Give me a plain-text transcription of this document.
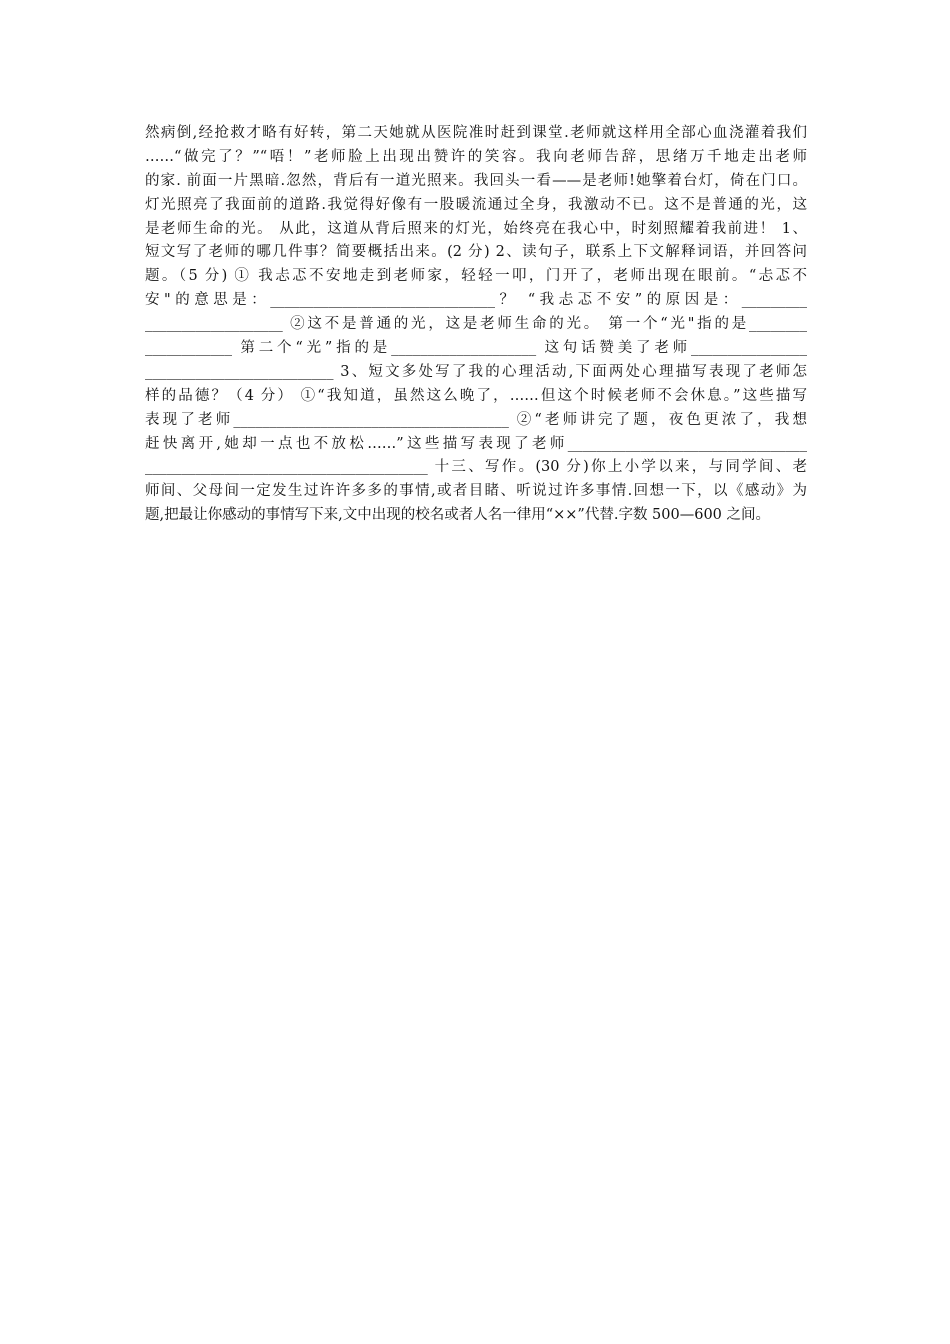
然病倒,经抢救才略有好转，第二天她就从医院准时赶到课堂.老师就这样用全部心血浇灌着我们
……“做完了？”“唔！”老师脸上出现出赞许的笑容。我向老师告辞，思绪万千地走出老师
的家. 前面一片黑暗.忽然，背后有一道光照来。我回头一看——是老师!她擎着台灯，倚在门口。
灯光照亮了我面前的道路.我觉得好像有一股暖流通过全身，我激动不已。这不是普通的光，这
是老师生命的光。 从此，这道从背后照来的灯光，始终亮在我心中，时刻照耀着我前进！ 1、
短文写了老师的哪几件事？简要概括出来。(2 分) 2、读句子，联系上下文解释词语，并回答问
题。（5 分) ① 我忐忑不安地走到老师家，轻轻一叩，门开了，老师出现在眼前。“忐忑不
安"的意思是：_______________________________？ “我忐忑不安”的原因是：_________
___________________ ②这不是普通的光，这是老师生命的光。 第一个“光"指的是________
____________ 第二个“光”指的是____________________ 这句话赞美了老师________________
__________________________ 3、短文多处写了我的心理活动,下面两处心理描写表现了老师怎
样的品德？（4 分） ①“我知道，虽然这么晚了，……但这个时候老师不会休息。”这些描写
表现了老师______________________________________ ②“老师讲完了题，夜色更浓了，我想
赶快离开,她却一点也不放松……”这些描写表现了老师_________________________________
_______________________________________ 十三、写作。(30 分)你上小学以来，与同学间、老
师间、父母间一定发生过许许多多的事情,或者目睹、听说过许多事情.回想一下，以《感动》为
题,把最让你感动的事情写下来,文中出现的校名或者人名一律用“××”代替.字数 500—600 之间。
